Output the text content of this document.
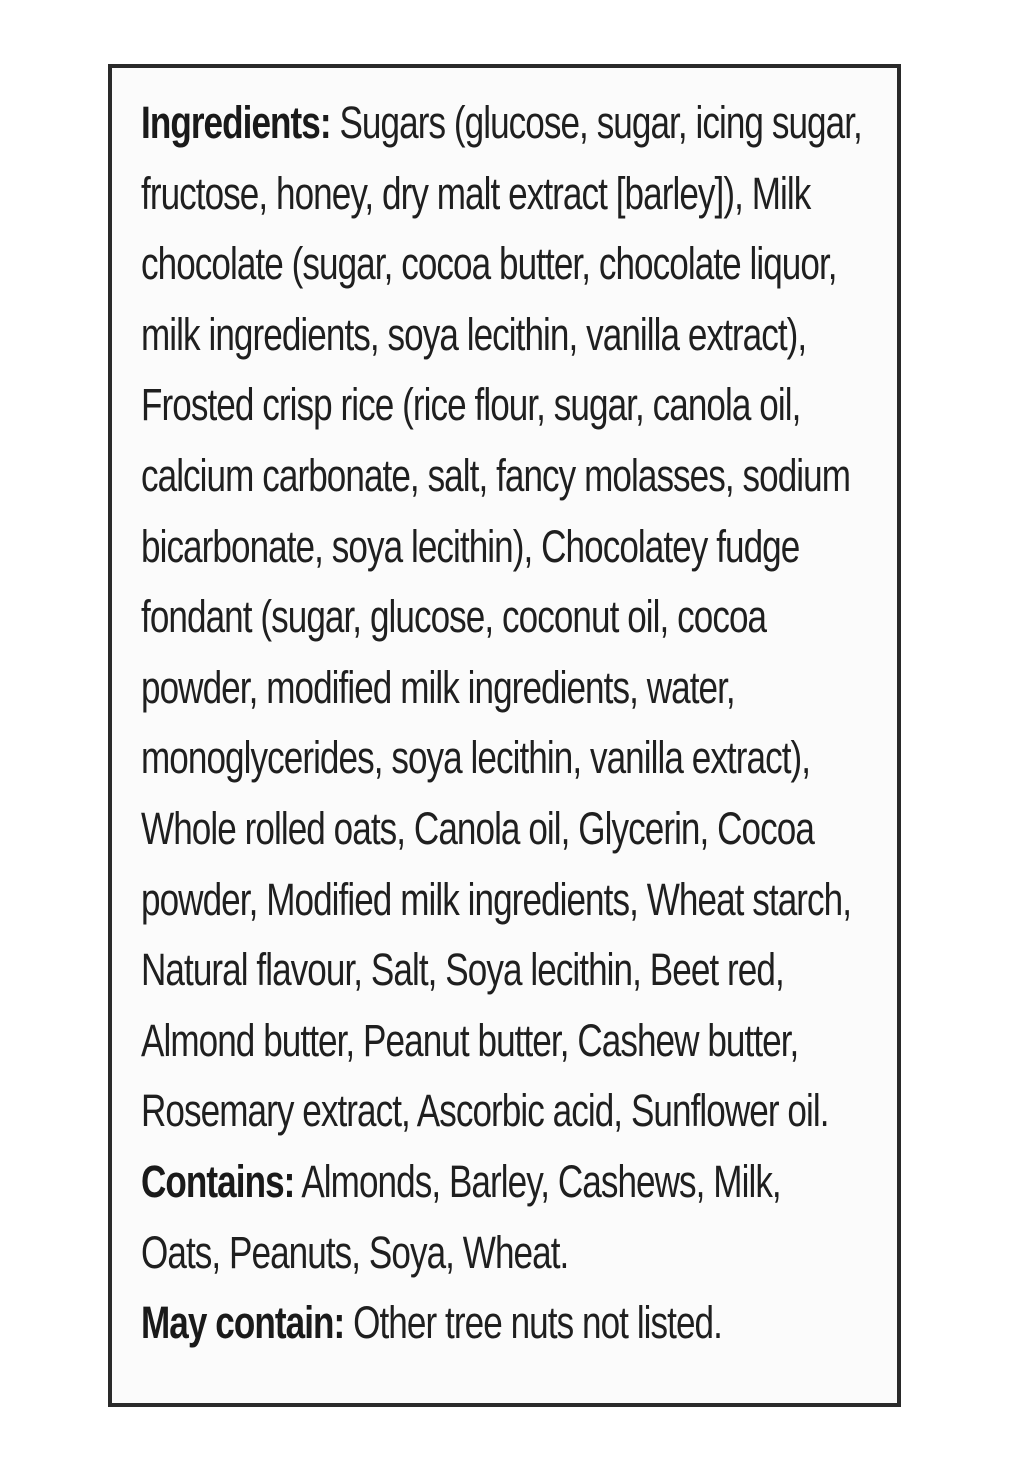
Ingredients: Sugars (glucose, sugar, icing sugar,
fructose, honey, dry malt extract [barley]), Milk
chocolate (sugar, cocoa butter, chocolate liquor,
milk ingredients, soya lecithin, vanilla extract),
Frosted crisp rice (rice flour, sugar, canola oil,
calcium carbonate, salt, fancy molasses, sodium
bicarbonate, soya lecithin), Chocolatey fudge
fondant (sugar, glucose, coconut oil, cocoa
powder, modified milk ingredients, water,
monoglycerides, soya lecithin, vanilla extract),
Whole rolled oats, Canola oil, Glycerin, Cocoa
powder, Modified milk ingredients, Wheat starch,
Natural flavour, Salt, Soya lecithin, Beet red,
Almond butter, Peanut butter, Cashew butter,
Rosemary extract, Ascorbic acid, Sunflower oil.
Contains: Almonds, Barley, Cashews, Milk,
Oats, Peanuts, Soya, Wheat.
May contain: Other tree nuts not listed.
